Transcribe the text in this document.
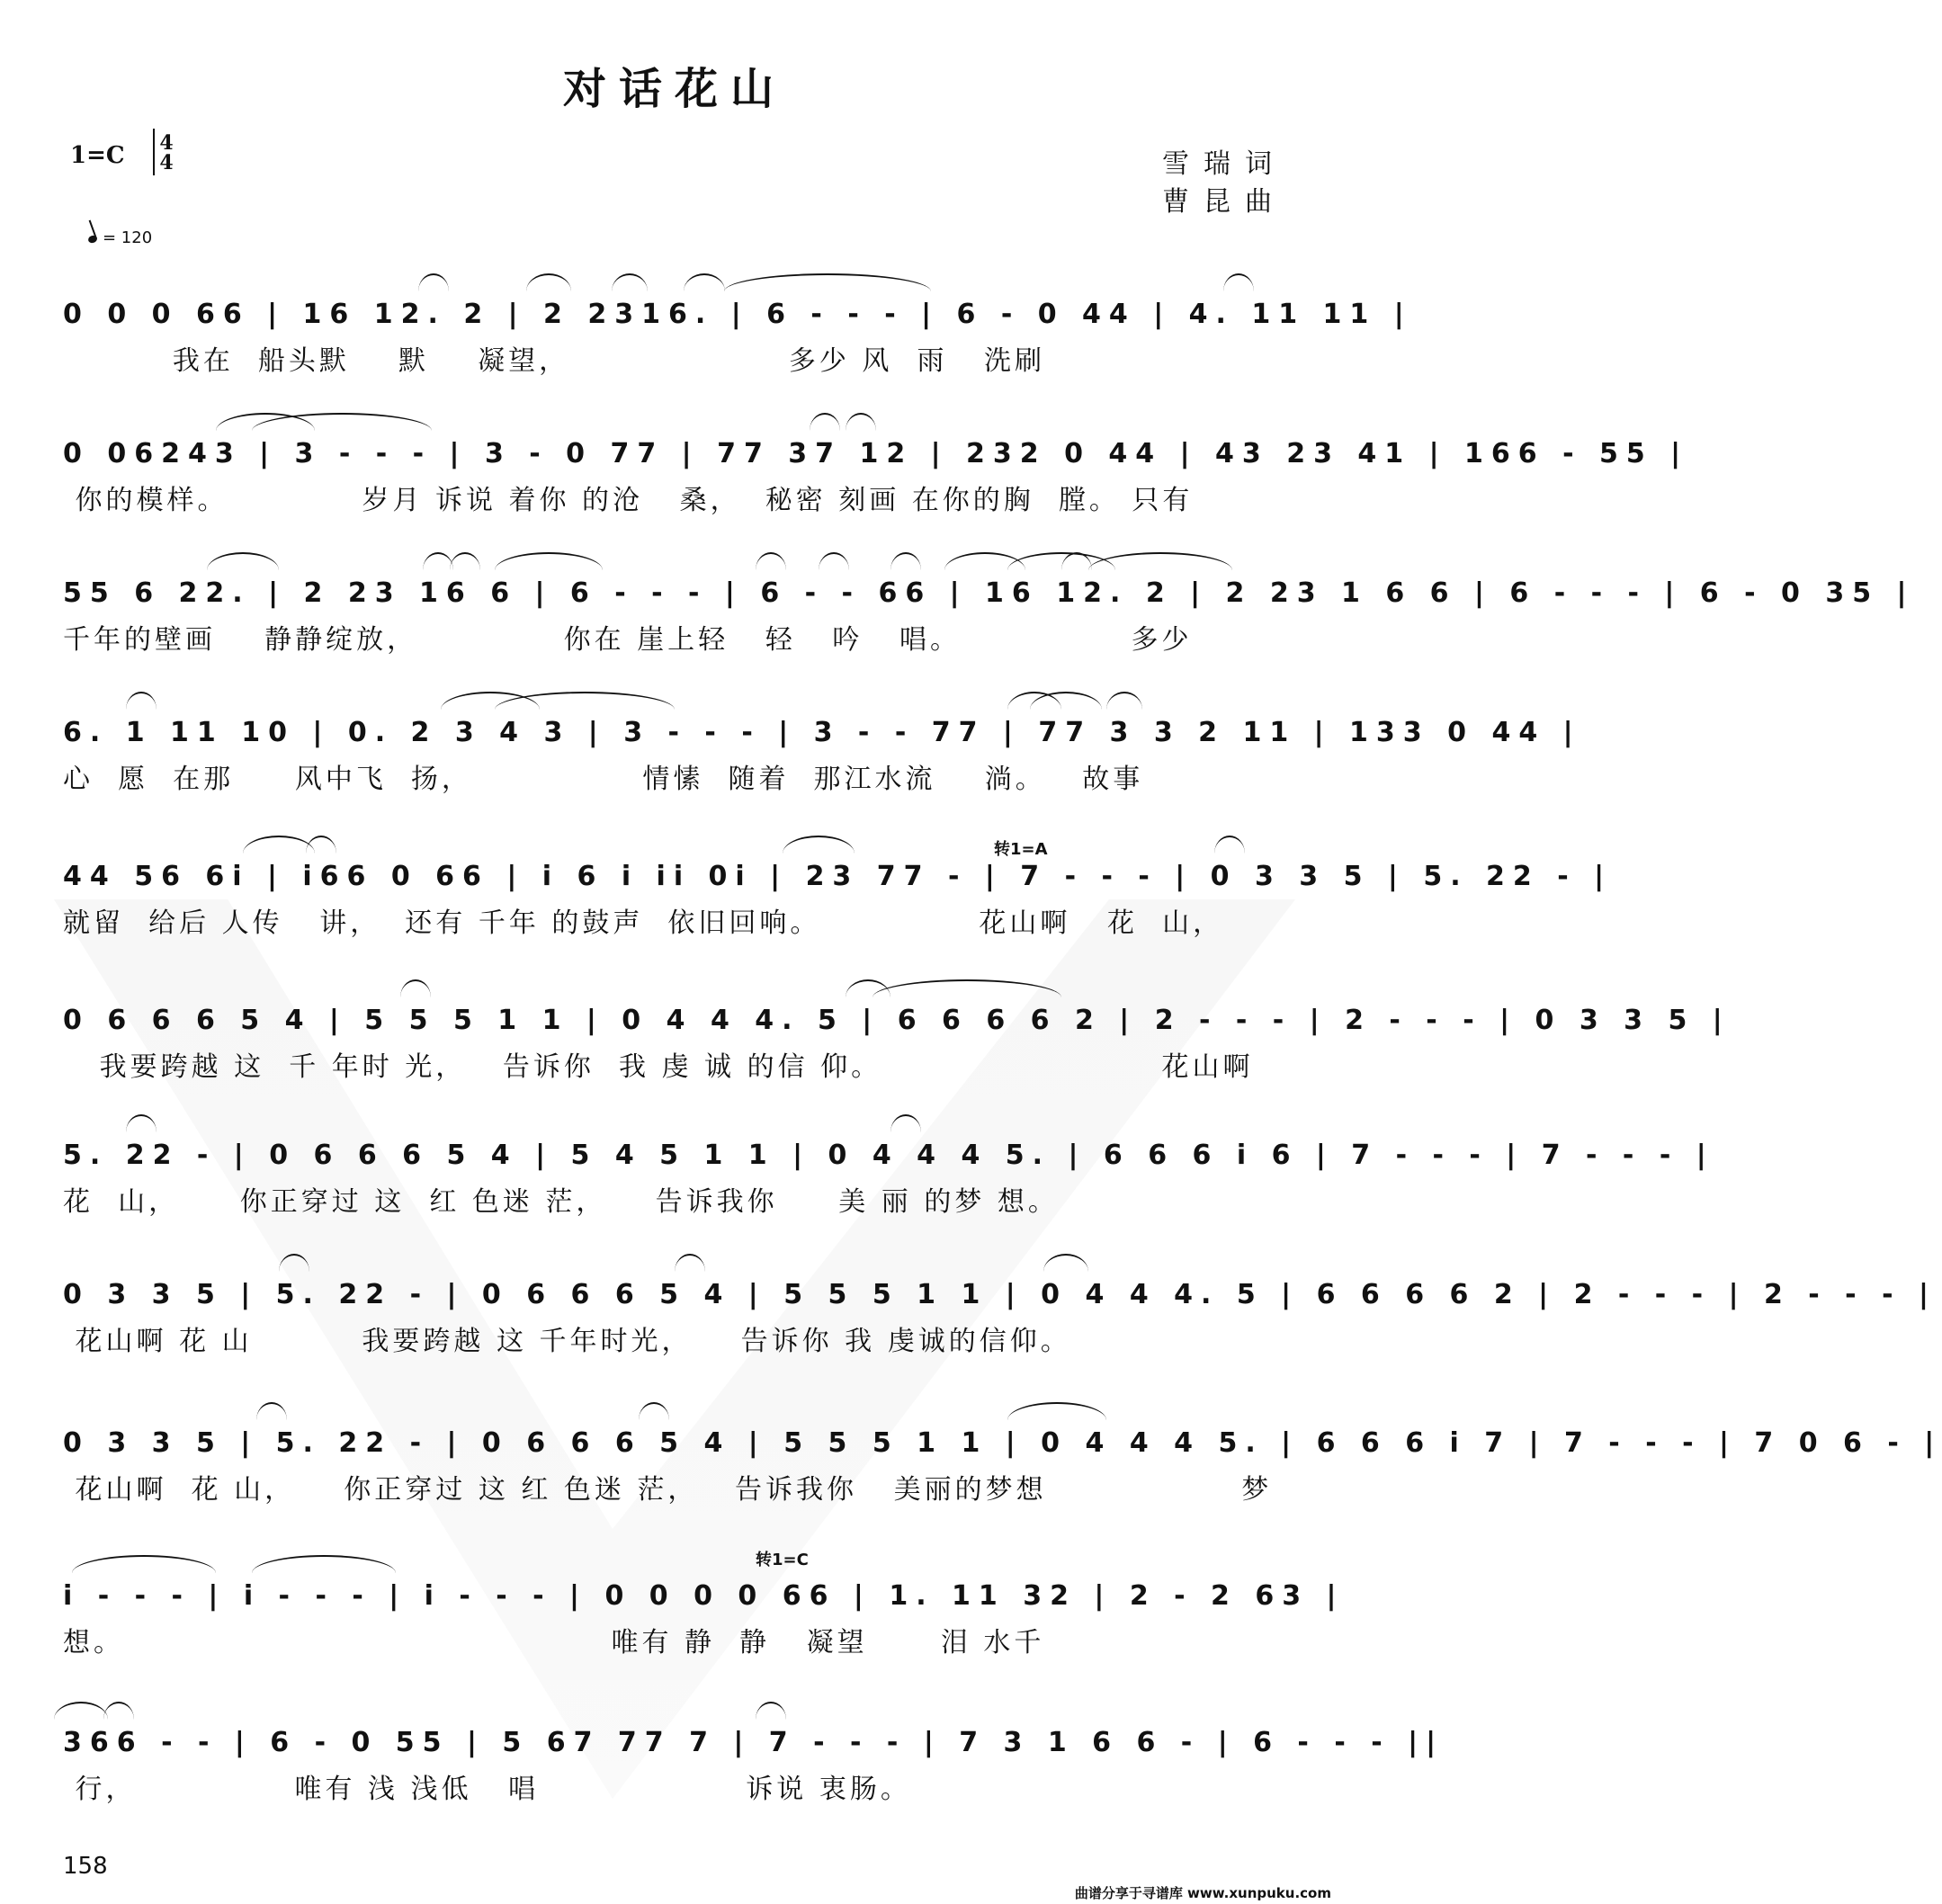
对话花山
1=C	4
4	雪瑞词
曹昆曲
= 120
转1=A
转1=C
0 0 0 66 | 16 12. 2 | 2 2316. | 6 - - - | 6 - 0 44 | 4. 11 11 |
我在  船头默    默    凝望，                  多少 风  雨   洗刷
0 06243 | 3 - - - | 3 - 0 77 | 77 37 12 | 232 0 44 | 43 23 41 | 166 - 55 |
你的模样。           岁月 诉说 着你 的沧   桑，  秘密 刻画 在你的胸  膛。 只有
55 6 22. | 2 23 16 6 | 6 - - - | 6 - - 66 | 16 12. 2 | 2 23 1 6 6 | 6 - - - | 6 - 0 35 |
千年的壁画    静静绽放，            你在 崖上轻   轻   吟   唱。              多少
6. 1 11 10 | 0. 2 3 4 3 | 3 - - - | 3 - - 77 | 77 3 3 2 11 | 133 0 44 |
心  愿  在那     风中飞  扬，              情愫  随着  那江水流    淌。   故事
44 56 6i | i66 0 66 | i 6 i ii 0i | 23 77 - | 7 - - - | 0 3 3 5 | 5. 22 - |
就留  给后 人传   讲，  还有 千年 的鼓声  依旧回响。             花山啊   花  山，
0 6 6 6 5 4 | 5 5 5 1 1 | 0 4 4 4. 5 | 6 6 6 6 2 | 2 - - - | 2 - - - | 0 3 3 5 |
我要跨越 这  千 年时 光，   告诉你  我 虔 诚 的信 仰。                       花山啊
5. 22 - | 0 6 6 6 5 4 | 5 4 5 1 1 | 0 4 4 4 5. | 6 6 6 i 6 | 7 - - - | 7 - - - |
花  山，     你正穿过 这  红 色迷 茫，    告诉我你     美 丽 的梦 想。
0 3 3 5 | 5. 22 - | 0 6 6 6 5 4 | 5 5 5 1 1 | 0 4 4 4. 5 | 6 6 6 6 2 | 2 - - - | 2 - - - |
花山啊 花 山         我要跨越 这 千年时光，    告诉你 我 虔诚的信仰。
0 3 3 5 | 5. 22 - | 0 6 6 6 5 4 | 5 5 5 1 1 | 0 4 4 4 5. | 6 6 6 i 7 | 7 - - - | 7 0 6 - |
花山啊  花 山，    你正穿过 这 红 色迷 茫，   告诉我你   美丽的梦想                梦
i - - - | i - - - | i - - - | 0 0 0 0 66 | 1. 11 32 | 2 - 2 63 |
想。                                        唯有 静  静   凝望      泪 水千
366 - - | 6 - 0 55 | 5 67 77 7 | 7 - - - | 7 3 1 6 6 - | 6 - - - ||
行，             唯有 浅 浅低   唱                 诉说 衷肠。
158
曲谱分享于寻谱库 www.xunpuku.com
